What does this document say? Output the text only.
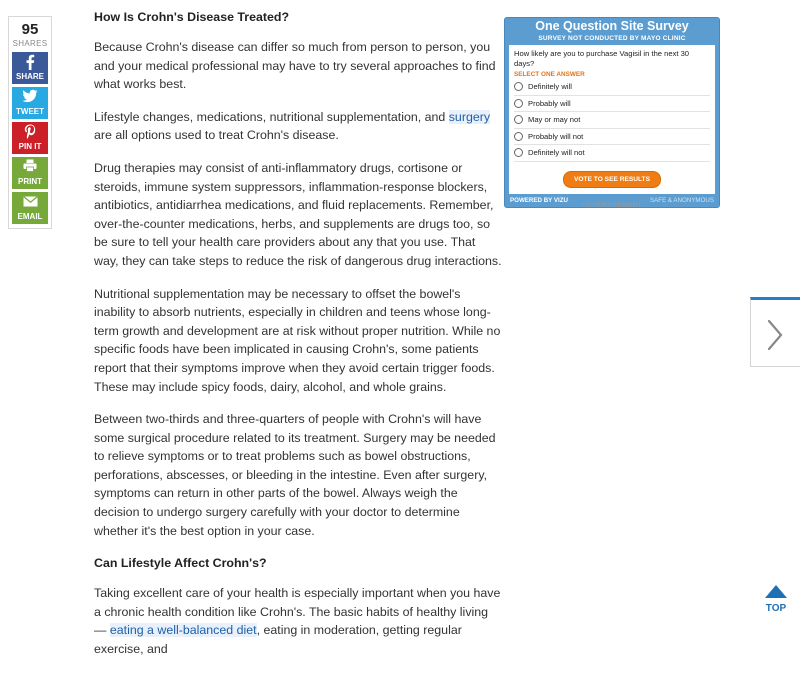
95
SHARES
SHARE
TWEET
PIN IT
PRINT
EMAIL
How Is Crohn's Disease Treated?

Because Crohn's disease can differ so much from person to person, you and your medical professional may have to try several approaches to find what works best.

Lifestyle changes, medications, nutritional supplementation, and surgery are all options used to treat Crohn's disease.

Drug therapies may consist of anti-inflammatory drugs, cortisone or steroids, immune system suppressors, inflammation-response blockers, antibiotics, antidiarrhea medications, and fluid replacements. Remember, over-the-counter medications, herbs, and supplements are drugs too, so be sure to tell your health care providers about any that you use. That way, they can take steps to reduce the risk of dangerous drug interactions.

Nutritional supplementation may be necessary to offset the bowel's inability to absorb nutrients, especially in children and teens whose long-term growth and development are at risk without proper nutrition. While no specific foods have been implicated in causing Crohn's, some patients report that their symptoms improve when they avoid certain trigger foods. These may include spicy foods, dairy, alcohol, and whole grains.

Between two-thirds and three-quarters of people with Crohn's will have some surgical procedure related to its treatment. Surgery may be needed to relieve symptoms or to treat problems such as bowel obstructions, perforations, abscesses, or bleeding in the intestine. Even after surgery, symptoms can return in other parts of the bowel. Always weigh the decision to undergo surgery carefully with your doctor to determine whether it's the best option in your case.

Can Lifestyle Affect Crohn's?

Taking excellent care of your health is especially important when you have a chronic health condition like Crohn's. The basic habits of healthy living — eating a well-balanced diet, eating in moderation, getting regular exercise, and

One Question Site Survey
SURVEY NOT CONDUCTED BY MAYO CLINIC
How likely are you to purchase Vagisil in the next 30 days?
SELECT ONE ANSWER
Definitely will
Probably will
May or may not
Probably will not
Definitely will not
VOTE TO SEE RESULTS
POWERED BY VIZU	SAFE & ANONYMOUS
ADVERTISEMENT
TOP
